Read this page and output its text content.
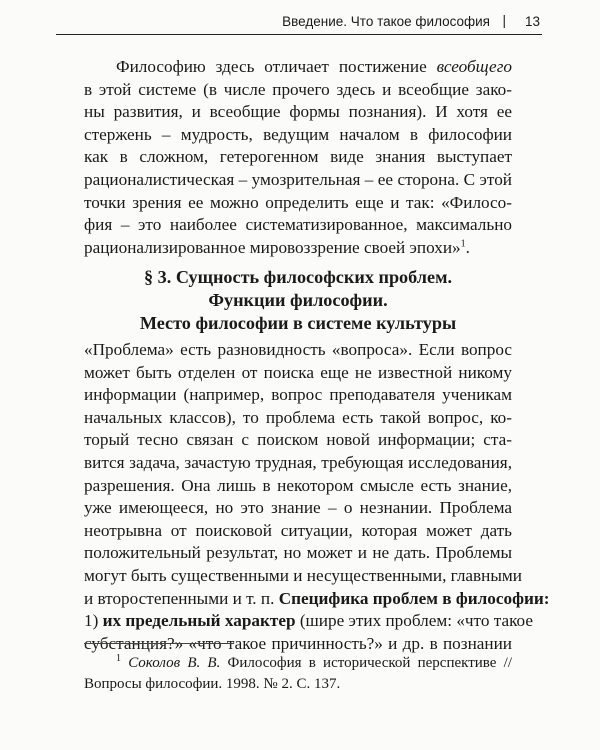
Введение. Что такое философия | 13
Философию здесь отличает постижение всеобщего
в этой системе (в числе прочего здесь и всеобщие зако-
ны развития, и всеобщие формы познания). И хотя ее
стержень – мудрость, ведущим началом в философии
как в сложном, гетерогенном виде знания выступает
рационалистическая – умозрительная – ее сторона. С этой
точки зрения ее можно определить еще и так: «Филосо-
фия – это наиболее систематизированное, максимально
рационализированное мировоззрение своей эпохи»$^1$.
§ 3. Сущность философских проблем.
Функции философии.
Место философии в системе культуры
«Проблема» есть разновидность «вопроса». Если вопрос
может быть отделен от поиска еще не известной никому
информации (например, вопрос преподавателя ученикам
начальных классов), то проблема есть такой вопрос, ко-
торый тесно связан с поиском новой информации; ста-
вится задача, зачастую трудная, требующая исследования,
разрешения. Она лишь в некотором смысле есть знание,
уже имеющееся, но это знание – о незнании. Проблема
неотрывна от поисковой ситуации, которая может дать
положительный результат, но может и не дать. Проблемы
могут быть существенными и несущественными, главными
и второстепенными и т. п. Специфика проблем в философии:
1) их предельный характер (шире этих проблем: «что такое
субстанция?» «что такое причинность?» и др. в познании
$^1$ Соколов В. В. Философия в исторической перспективе //
Вопросы философии. 1998. № 2. С. 137.
